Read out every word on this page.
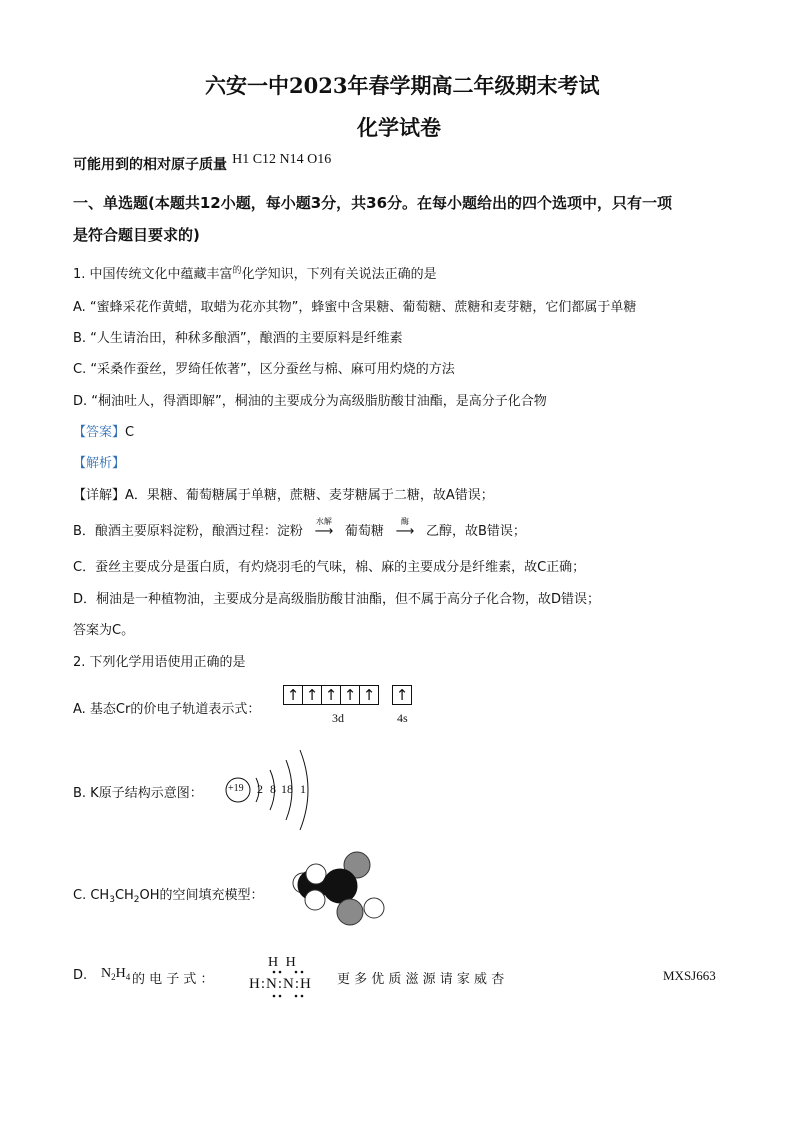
六安一中2023年春学期高二年级期末考试
化学试卷
可能用到的相对原子质量 H1 C12 N14 O16
一、单选题(本题共12小题，每小题3分，共36分。在每小题给出的四个选项中，只有一项
是符合题目要求的)
1. 中国传统文化中蕴藏丰富$^的$化学知识，下列有关说法正确的是
A. “蜜蜂采花作黄蜡，取蜡为花亦其物”，蜂蜜中含果糖、葡萄糖、蔗糖和麦芽糖，它们都属于单糖
B. “人生请治田，种秫多酿酒”，酿酒的主要原料是纤维素
C. “采桑作蚕丝，罗绮任侬著”，区分蚕丝与棉、麻可用灼烧的方法
D. “桐油吐人，得酒即解”，桐油的主要成分为高级脂肪酸甘油酯，是高分子化合物
【答案】C
【解析】
【详解】A．果糖、葡萄糖属于单糖，蔗糖、麦芽糖属于二糖，故A错误；
B．酿酒主要原料淀粉，酿酒过程：淀粉
水解
⟶ 葡萄糖
酶
⟶ 乙醇，故B错误；
C．蚕丝主要成分是蛋白质，有灼烧羽毛的气味，棉、麻的主要成分是纤维素，故C正确；
D．桐油是一种植物油，主要成分是高级脂肪酸甘油酯，但不属于高分子化合物，故D错误；
答案为C。
2. 下列化学用语使用正确的是
A. 基态Cr的价电子轨道表示式：
↑ ↑ ↑ ↑ ↑ ↑
3d	4s
B. K原子结构示意图：	+19 2 8 18 1
C. $CH_3CH_2OH$的空间填充模型：
D. $N_2H_4$ 的 电 子 式 ：
H H
H:N:N:H 更 多 优 质 滋 源 请 家 威 杏	MXSJ663
